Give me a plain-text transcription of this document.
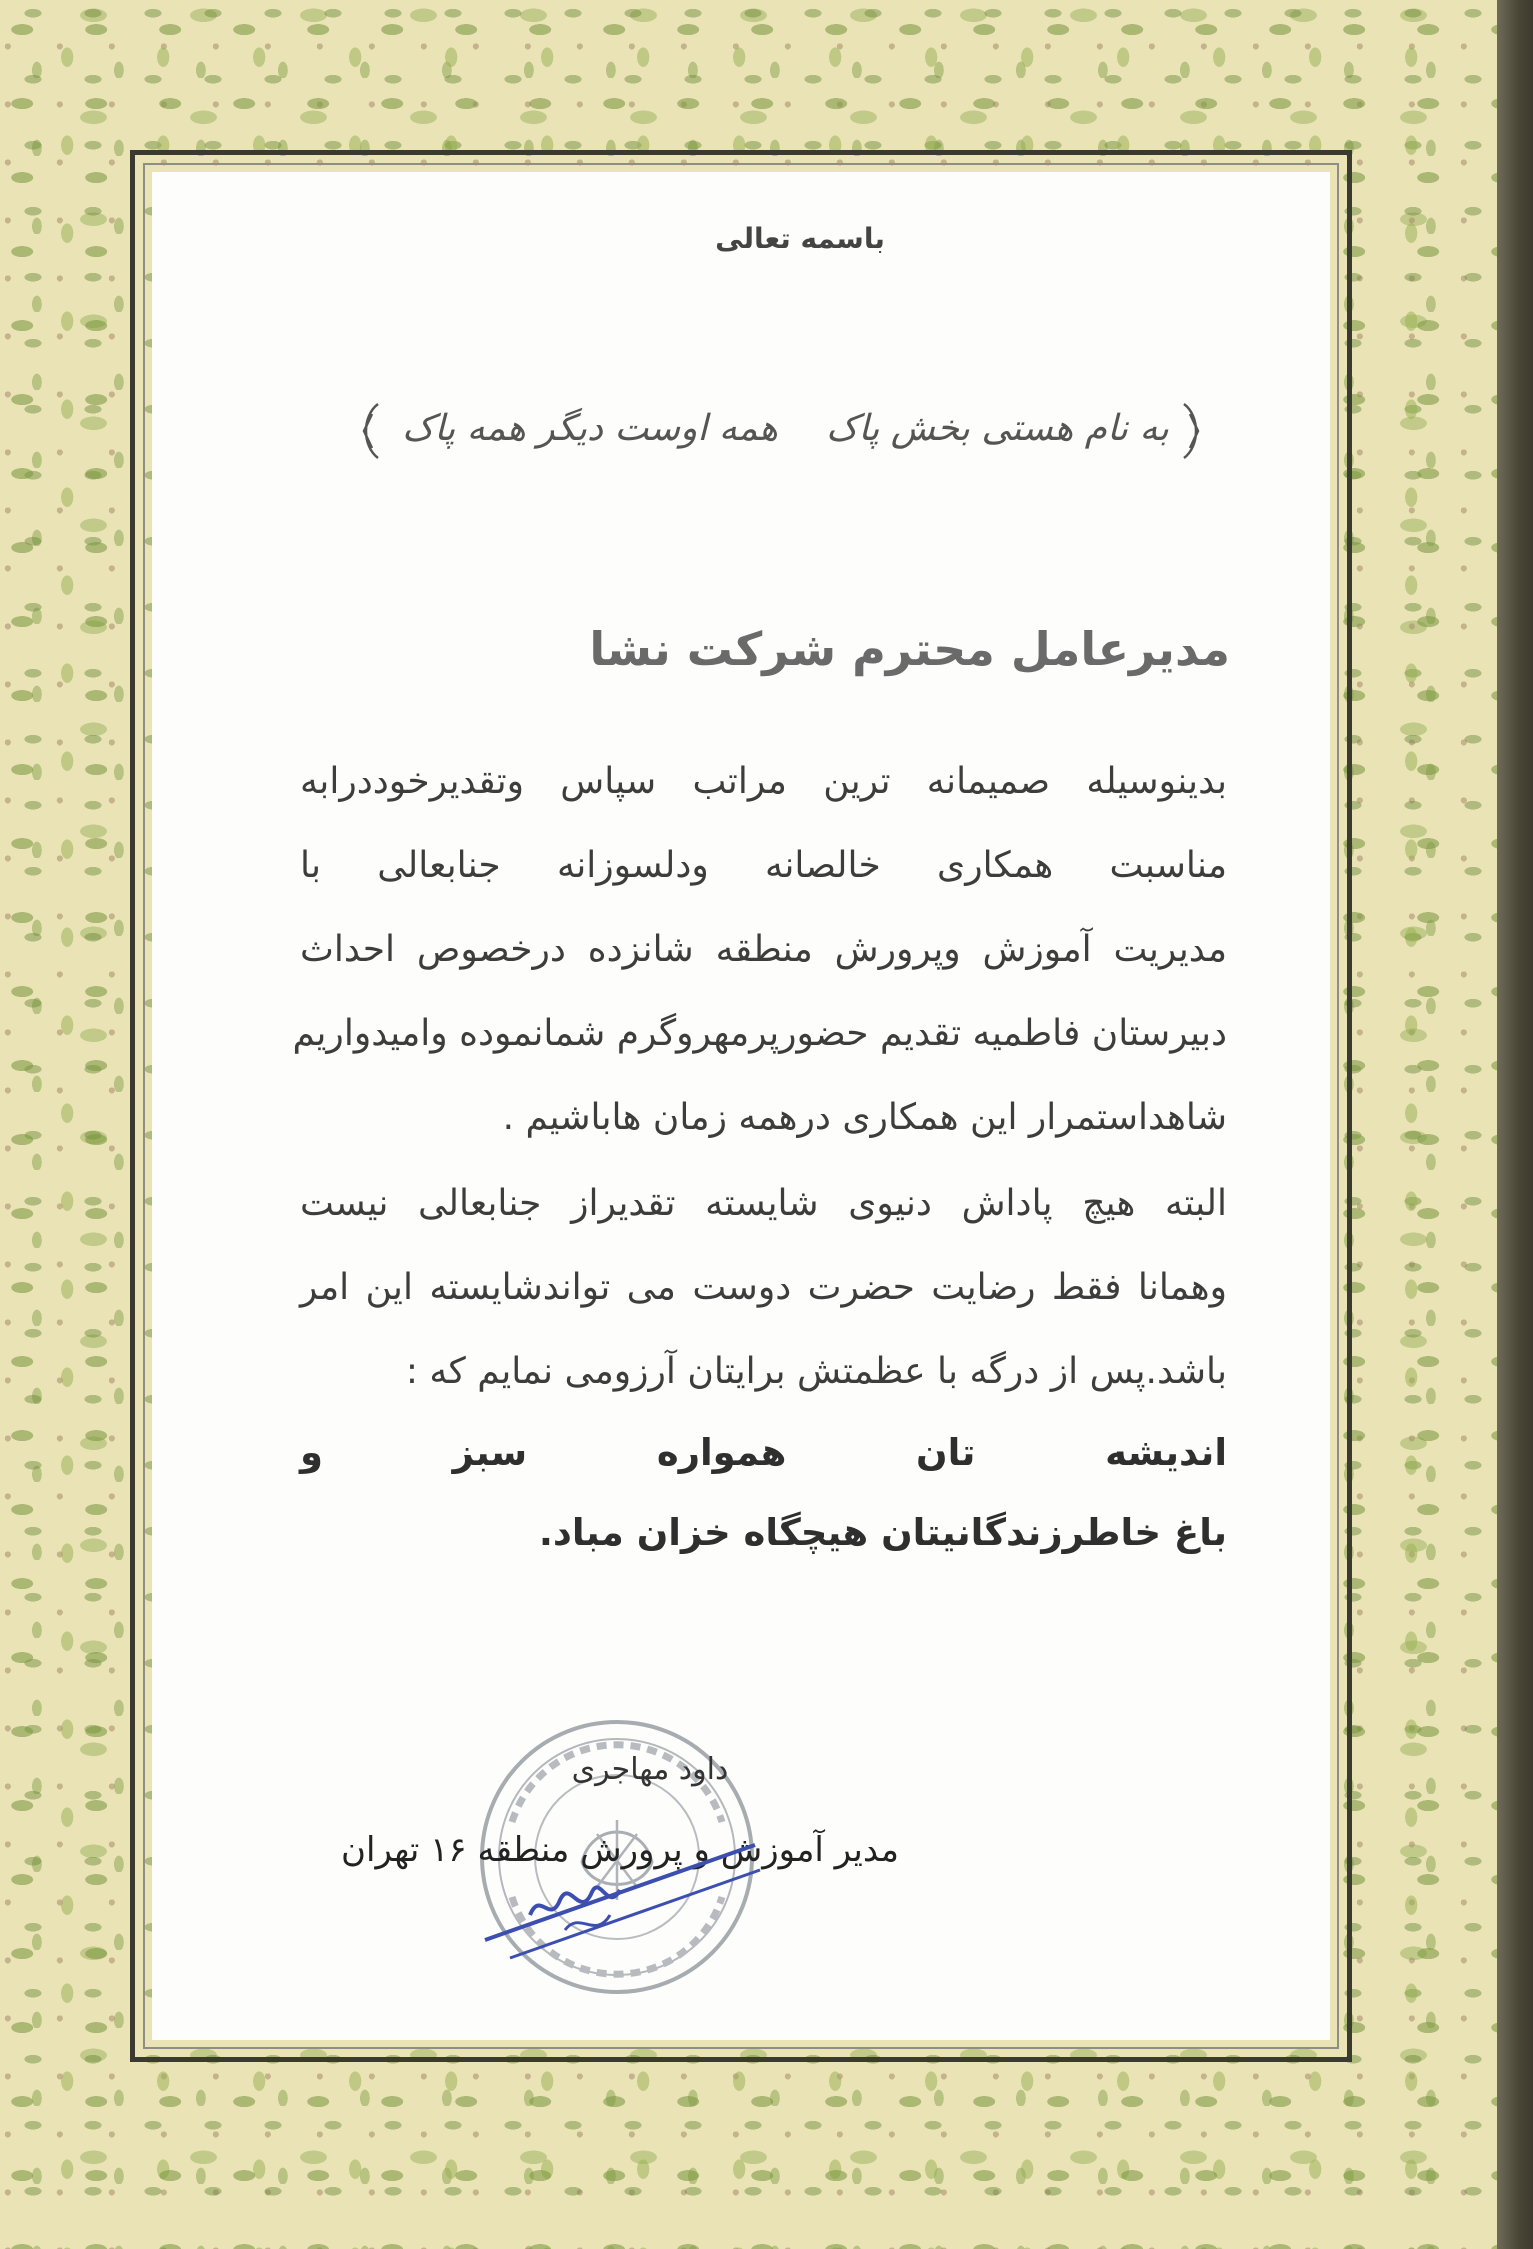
باسمه تعالی
به نام هستی بخش پاک
همه اوست دیگر همه پاک
مدیرعامل محترم شرکت نشا
بدینوسیله صمیمانه ترین مراتب سپاس وتقدیرخوددرابه
مناسبت همکاری خالصانه ودلسوزانه جنابعالی با
مدیریت آموزش وپرورش منطقه شانزده درخصوص احداث
دبیرستان فاطمیه تقدیم حضورپرمهروگرم شمانموده وامیدواریم
شاهداستمرار این همکاری درهمه زمان هاباشیم .
البته هیچ پاداش دنیوی شایسته تقدیراز جنابعالی نیست
وهمانا فقط رضایت حضرت دوست می تواندشایسته این امر
باشد.پس از درگه با عظمتش برایتان آرزومی نمایم که :
اندیشه تان همواره سبز و
باغ خاطرزندگانیتان هیچگاه خزان مباد.
داود مهاجری
مدیر آموزش و پرورش منطقه ۱۶ تهران
